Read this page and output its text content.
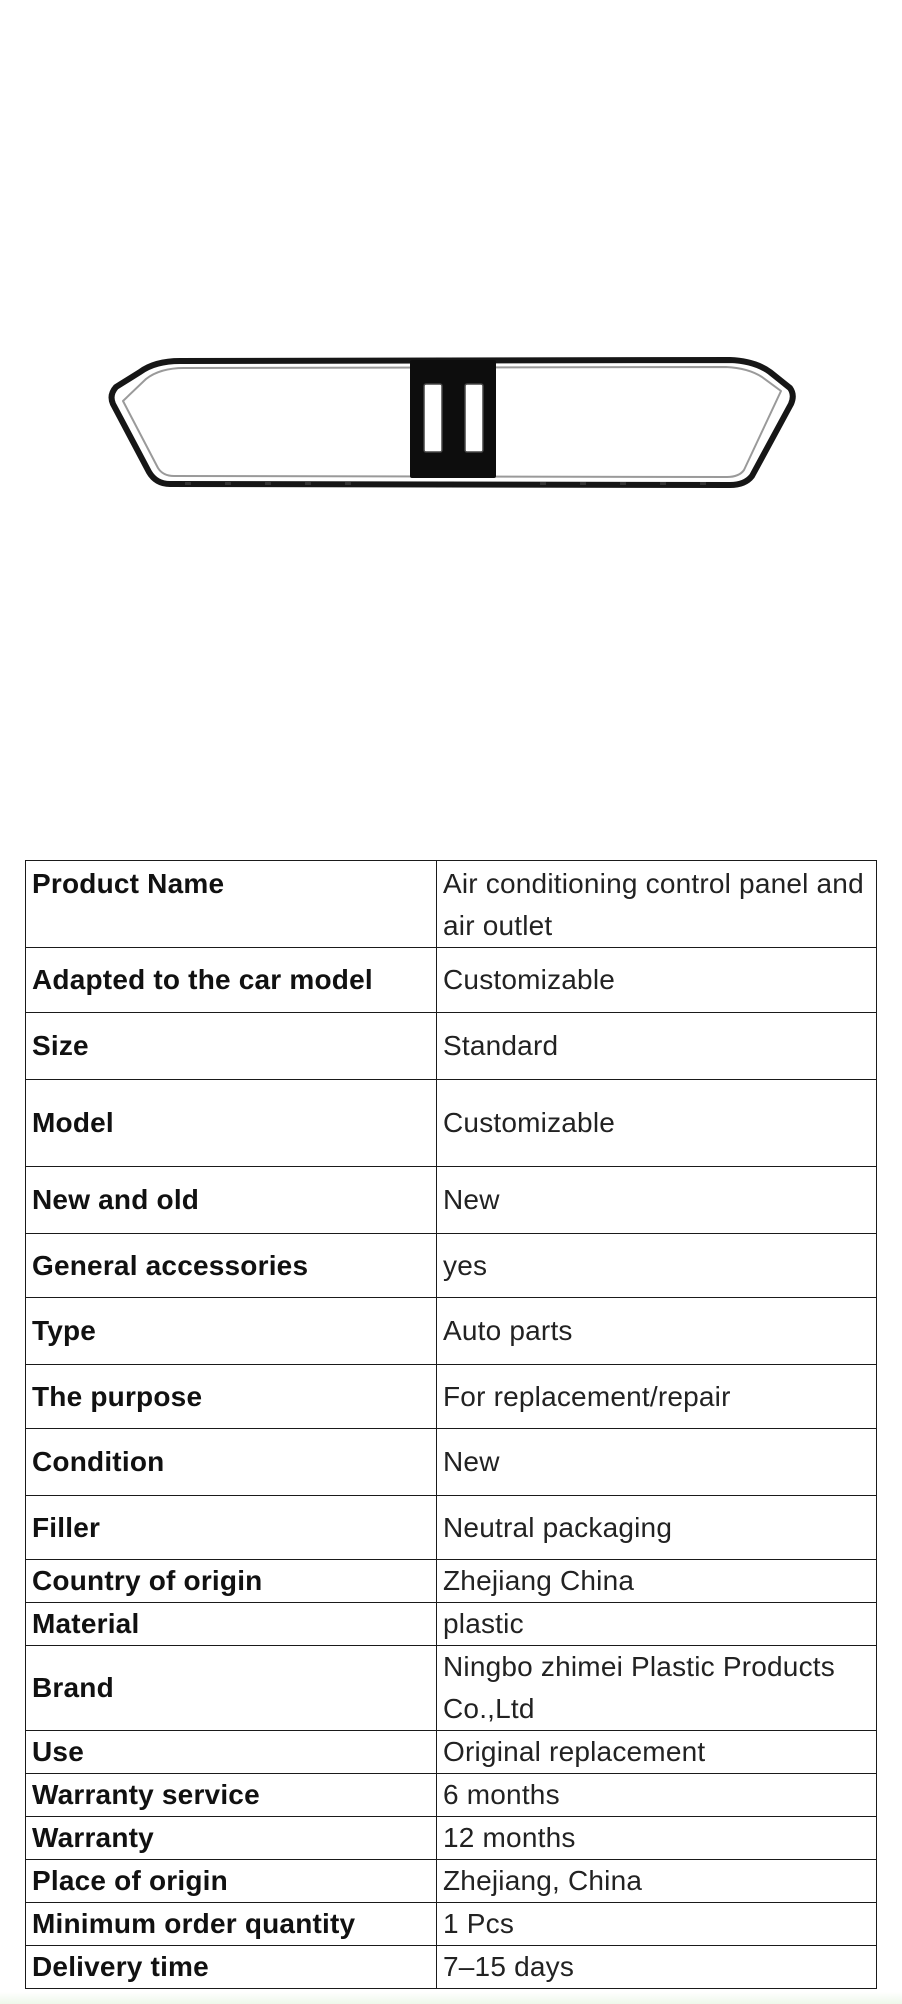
Product Name	Air conditioning control panel and air outlet
Adapted to the car model	Customizable
Size	Standard
Model	Customizable
New and old	New
General accessories	yes
Type	Auto parts
The purpose	For replacement/repair
Condition	New
Filler	Neutral packaging
Country of origin	Zhejiang China
Material	plastic
Brand	Ningbo zhimei Plastic Products Co.,Ltd
Use	Original replacement
Warranty service	6 months
Warranty	12 months
Place of origin	Zhejiang, China
Minimum order quantity	1 Pcs
Delivery time	7–15 days
